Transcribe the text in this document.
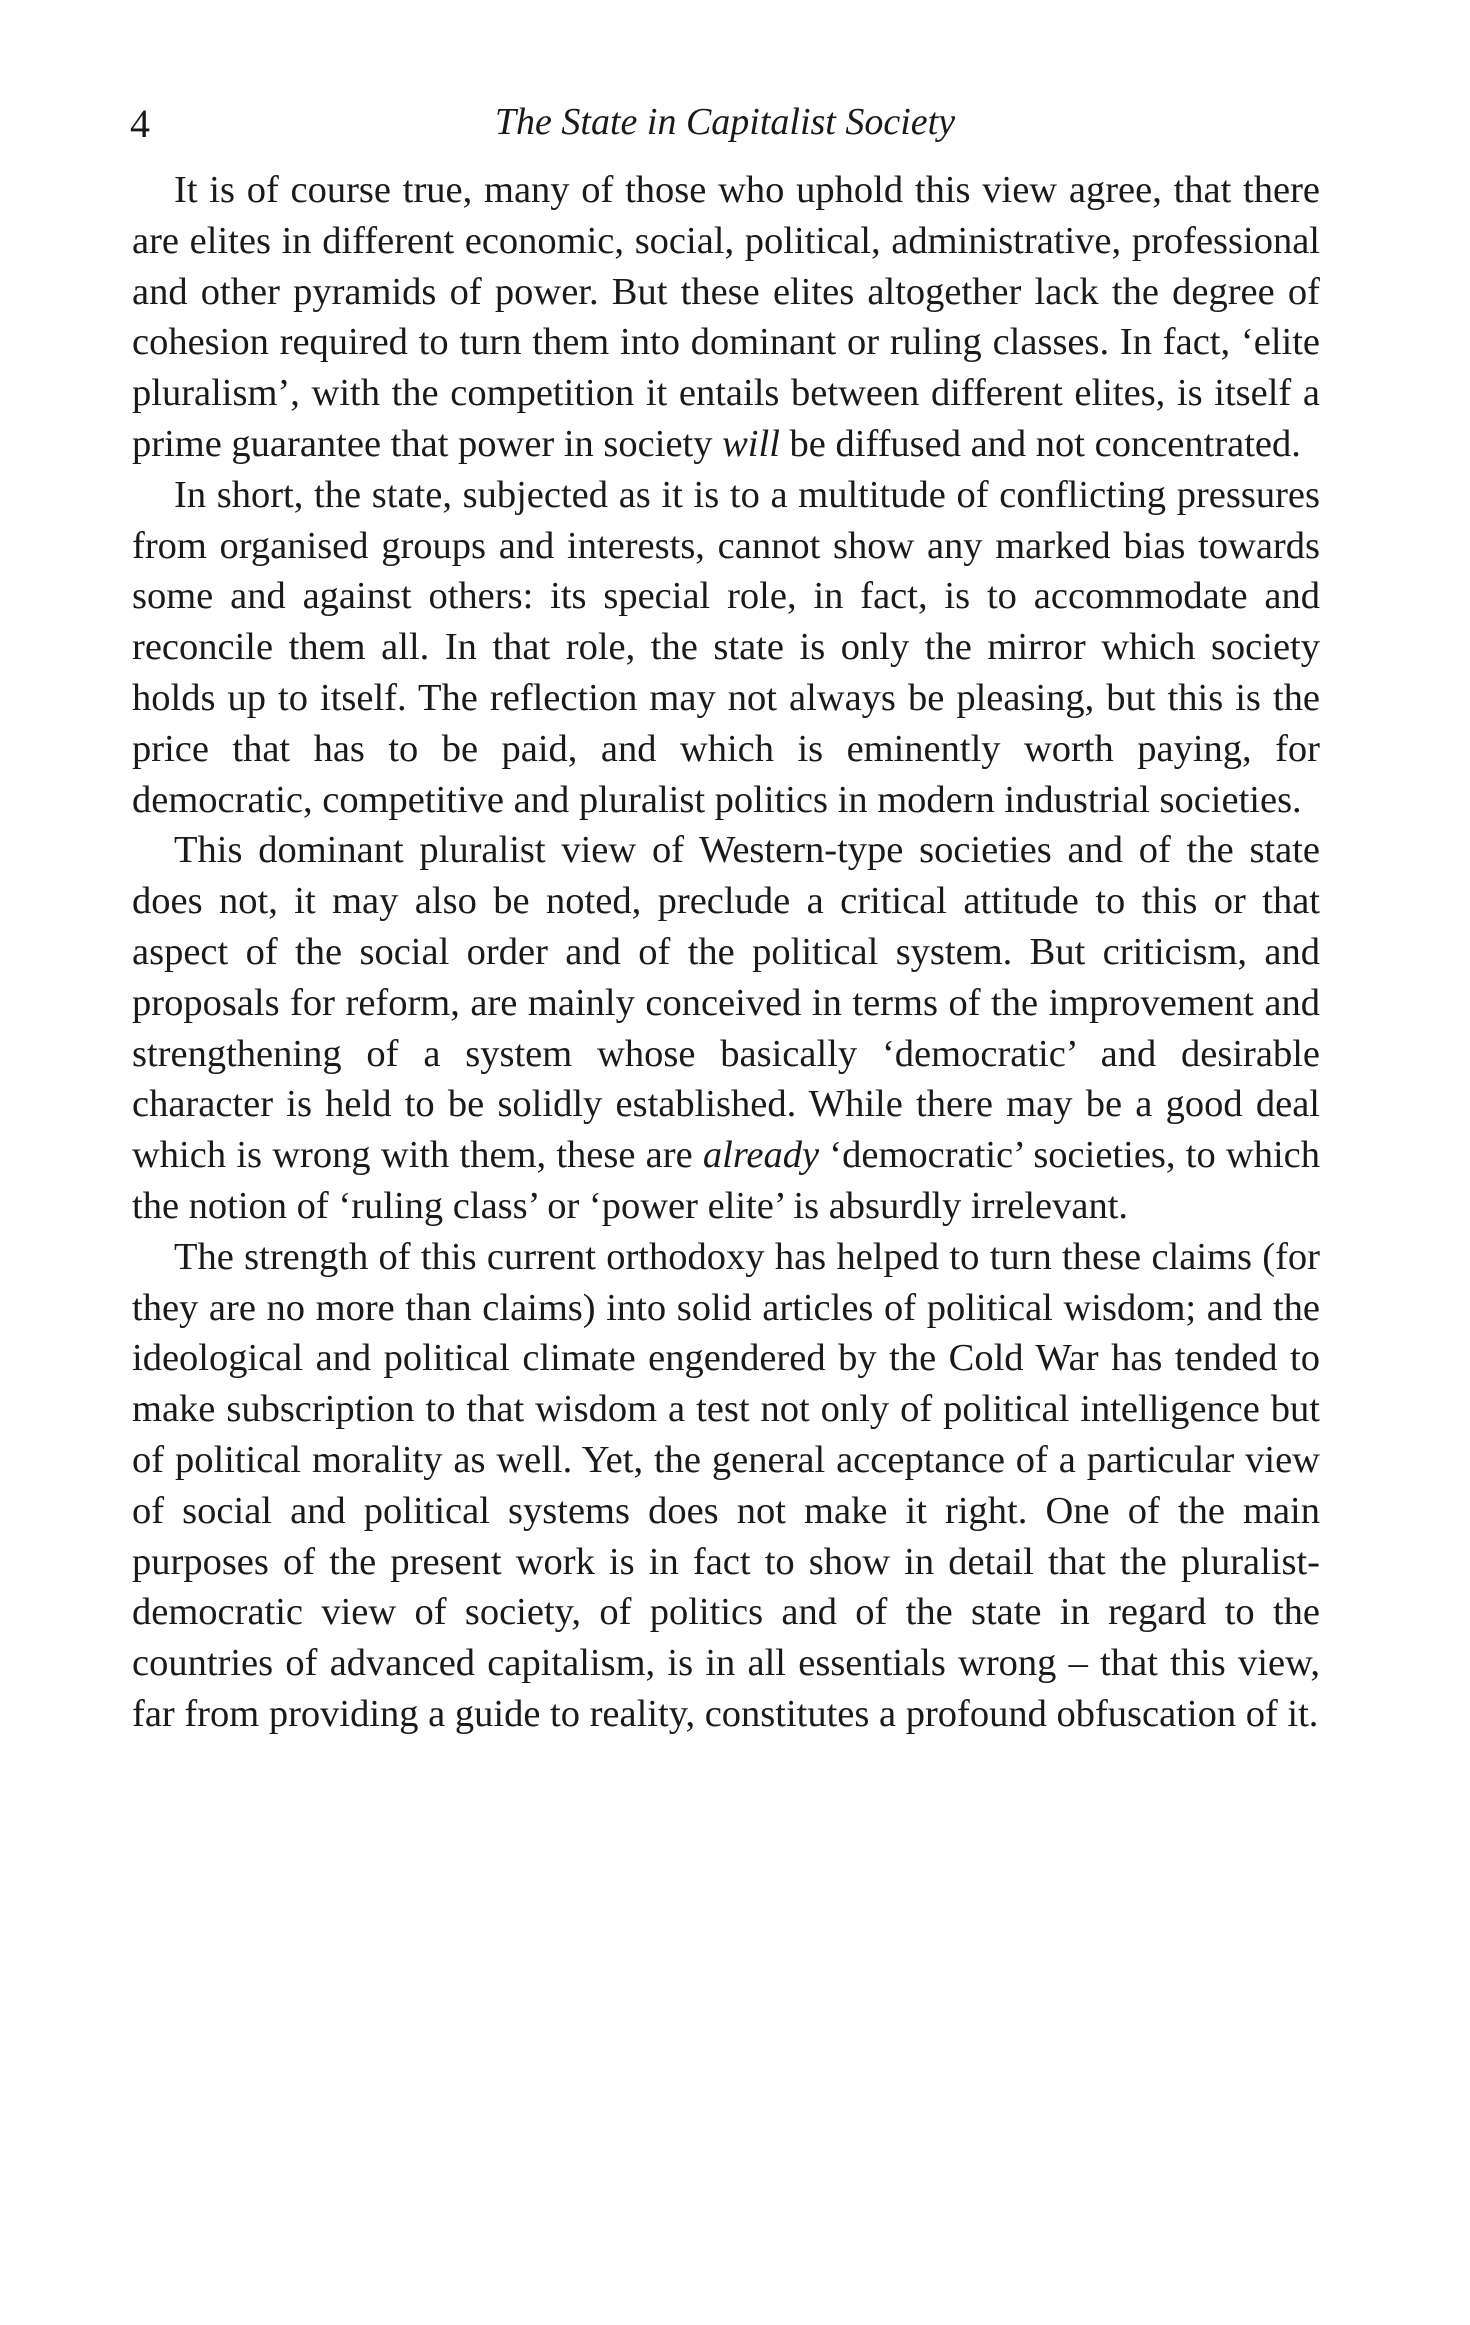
4	The State in Capitalist Society

It is of course true, many of those who uphold this view agree, that there are elites in different economic, social, political, administrative, professional and other pyramids of power. But these elites altogether lack the degree of cohesion required to turn them into dominant or ruling classes. In fact, ‘elite pluralism’, with the competition it entails between different elites, is itself a prime guarantee that power in society will be diffused and not concentrated.

In short, the state, subjected as it is to a multitude of conflicting pressures from organised groups and interests, cannot show any marked bias towards some and against others: its special role, in fact, is to accommodate and reconcile them all. In that role, the state is only the mirror which society holds up to itself. The reflection may not always be pleasing, but this is the price that has to be paid, and which is eminently worth paying, for democratic, competitive and pluralist politics in modern industrial societies.

This dominant pluralist view of Western-type societies and of the state does not, it may also be noted, preclude a critical attitude to this or that aspect of the social order and of the political system. But criticism, and proposals for reform, are mainly conceived in terms of the improvement and strengthening of a system whose basically ‘democratic’ and desirable character is held to be solidly established. While there may be a good deal which is wrong with them, these are already ‘democratic’ societies, to which the notion of ‘ruling class’ or ‘power elite’ is absurdly irrelevant.

The strength of this current orthodoxy has helped to turn these claims (for they are no more than claims) into solid articles of political wisdom; and the ideological and political climate engendered by the Cold War has tended to make subscription to that wisdom a test not only of political intelligence but of political morality as well. Yet, the general acceptance of a particular view of social and political systems does not make it right. One of the main purposes of the present work is in fact to show in detail that the pluralist-democratic view of society, of politics and of the state in regard to the countries of advanced capitalism, is in all essentials wrong – that this view, far from providing a guide to reality, constitutes a profound obfuscation of it.
